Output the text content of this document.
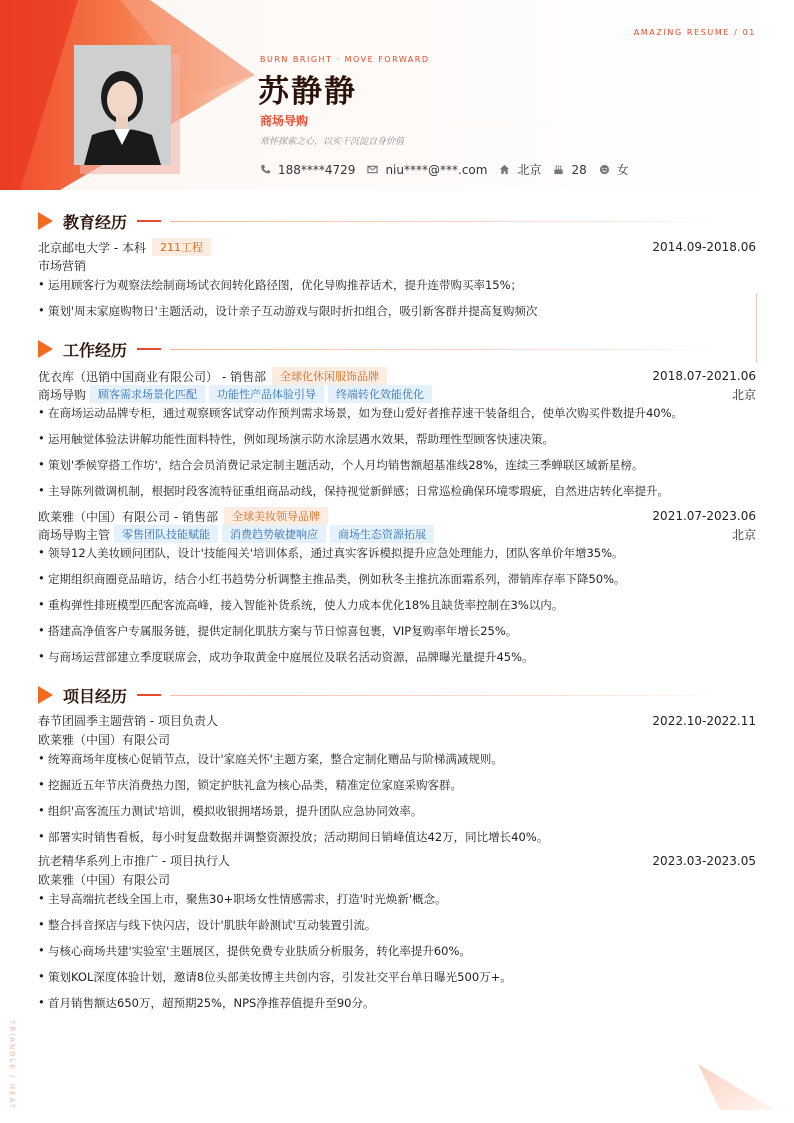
AMAZING RESUME / 01
BURN BRIGHT · MOVE FORWARD
苏静静
商场导购
常怀探索之心，以实干沉淀自身价值
188****4729	niu****@***.com	北京	28	女
教育经历
北京邮电大学 - 本科	211工程	2014.09-2018.06
市场营销
• 运用顾客行为观察法绘制商场试衣间转化路径图，优化导购推荐话术，提升连带购买率15%；
• 策划'周末家庭购物日'主题活动，设计亲子互动游戏与限时折扣组合，吸引新客群并提高复购频次
工作经历
优衣库（迅销中国商业有限公司） - 销售部	全球化休闲服饰品牌	2018.07-2021.06
商场导购	顾客需求场景化匹配	功能性产品体验引导	终端转化效能优化	北京
• 在商场运动品牌专柜，通过观察顾客试穿动作预判需求场景，如为登山爱好者推荐速干装备组合，使单次购买件数提升40%。
• 运用触觉体验法讲解功能性面料特性，例如现场演示防水涂层遇水效果，帮助理性型顾客快速决策。
• 策划'季候穿搭工作坊'，结合会员消费记录定制主题活动，个人月均销售额超基准线28%，连续三季蝉联区域新星榜。
• 主导陈列微调机制，根据时段客流特征重组商品动线，保持视觉新鲜感；日常巡检确保环境零瑕疵，自然进店转化率提升。
欧莱雅（中国）有限公司 - 销售部	全球美妆领导品牌	2021.07-2023.06
商场导购主管	零售团队技能赋能	消费趋势敏捷响应	商场生态资源拓展	北京
• 领导12人美妆顾问团队，设计'技能闯关'培训体系，通过真实客诉模拟提升应急处理能力，团队客单价年增35%。
• 定期组织商圈竞品暗访，结合小红书趋势分析调整主推品类，例如秋冬主推抗冻面霜系列，滞销库存率下降50%。
• 重构弹性排班模型匹配客流高峰，接入智能补货系统，使人力成本优化18%且缺货率控制在3%以内。
• 搭建高净值客户专属服务链，提供定制化肌肤方案与节日惊喜包裹，VIP复购率年增长25%。
• 与商场运营部建立季度联席会，成功争取黄金中庭展位及联名活动资源，品牌曝光量提升45%。
项目经历
春节团圆季主题营销 - 项目负责人	2022.10-2022.11
欧莱雅（中国）有限公司
• 统筹商场年度核心促销节点，设计'家庭关怀'主题方案，整合定制化赠品与阶梯满减规则。
• 挖掘近五年节庆消费热力图，锁定护肤礼盒为核心品类，精准定位家庭采购客群。
• 组织'高客流压力测试'培训，模拟收银拥堵场景，提升团队应急协同效率。
• 部署实时销售看板，每小时复盘数据并调整资源投放；活动期间日销峰值达42万，同比增长40%。
抗老精华系列上市推广 - 项目执行人	2023.03-2023.05
欧莱雅（中国）有限公司
• 主导高端抗老线全国上市，聚焦30+职场女性情感需求，打造'时光焕新'概念。
• 整合抖音探店与线下快闪店，设计'肌肤年龄测试'互动装置引流。
• 与核心商场共建'实验室'主题展区，提供免费专业肤质分析服务，转化率提升60%。
• 策划KOL深度体验计划，邀请8位头部美妆博主共创内容，引发社交平台单日曝光500万+。
• 首月销售额达650万，超预期25%，NPS净推荐值提升至90分。
TRIANGLE / HEAT
